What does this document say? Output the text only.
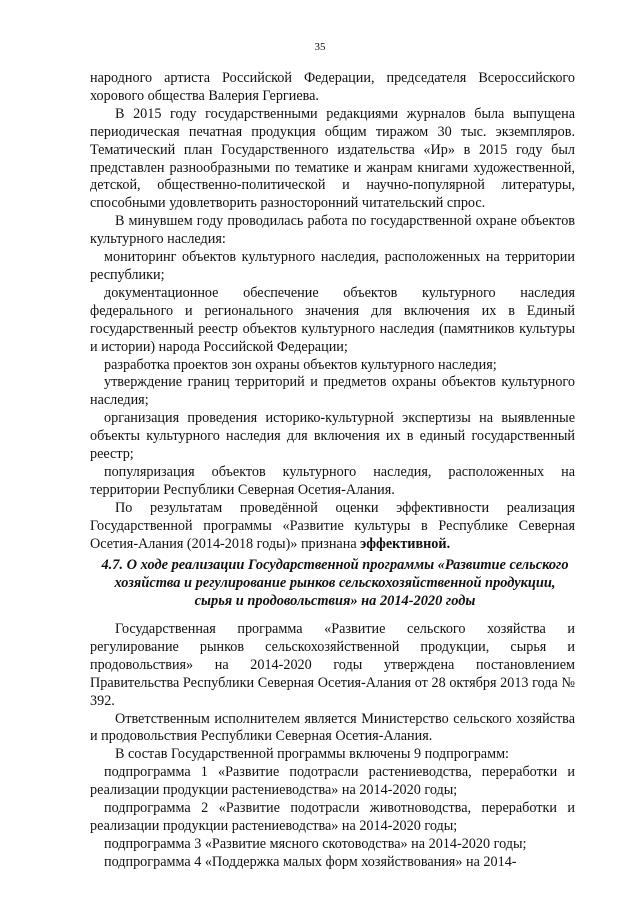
35

народного артиста Российской Федерации, председателя Всероссийского хорового общества Валерия Гергиева.

В 2015 году государственными редакциями журналов была выпущена периодическая печатная продукция общим тиражом 30 тыс. экземпляров. Тематический план Государственного издательства «Ир» в 2015 году был представлен разнообразными по тематике и жанрам книгами художественной, детской, общественно-политической и научно-популярной литературы, способными удовлетворить разносторонний читательский спрос.

В минувшем году проводилась работа по государственной охране объектов культурного наследия:

мониторинг объектов культурного наследия, расположенных на территории республики;

документационное обеспечение объектов культурного наследия федерального и регионального значения для включения их в Единый государственный реестр объектов культурного наследия (памятников культуры и истории) народа Российской Федерации;

разработка проектов зон охраны объектов культурного наследия;

утверждение границ территорий и предметов охраны объектов культурного наследия;

организация проведения историко-культурной экспертизы на выявленные объекты культурного наследия для включения их в единый государственный реестр;

популяризация объектов культурного наследия, расположенных на территории Республики Северная Осетия-Алания.

По результатам проведённой оценки эффективности реализация Государственной программы «Развитие культуры в Республике Северная Осетия-Алания (2014-2018 годы)» признана эффективной.

4.7. О ходе реализации Государственной программы «Развитие сельского хозяйства и регулирование рынков сельскохозяйственной продукции, сырья и продовольствия» на 2014-2020 годы

Государственная программа «Развитие сельского хозяйства и регулирование рынков сельскохозяйственной продукции, сырья и продовольствия» на 2014-2020 годы утверждена постановлением Правительства Республики Северная Осетия-Алания от 28 октября 2013 года № 392.

Ответственным исполнителем является Министерство сельского хозяйства и продовольствия Республики Северная Осетия-Алания.

В состав Государственной программы включены 9 подпрограмм:

подпрограмма 1 «Развитие подотрасли растениеводства, переработки и реализации продукции растениеводства» на 2014-2020 годы;

подпрограмма 2 «Развитие подотрасли животноводства, переработки и реализации продукции растениеводства» на 2014-2020 годы;

подпрограмма 3 «Развитие мясного скотоводства» на 2014-2020 годы;

подпрограмма 4 «Поддержка малых форм хозяйствования» на 2014-
